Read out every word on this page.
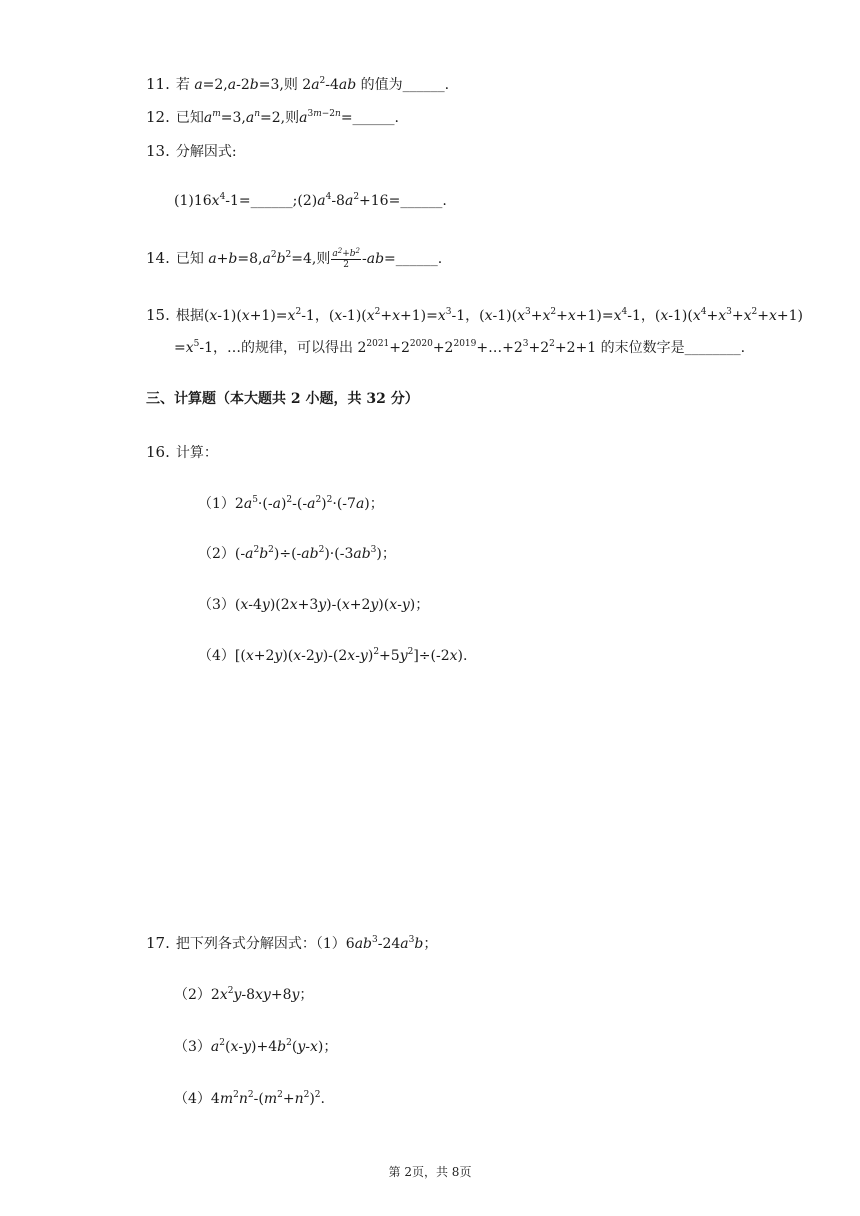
11. 若 a=2,a-2b=3,则 $2a^2-4ab$ 的值为______.
12. 已知$a^m=3,a^n=2$,则$a^{3m-2n}=\_\_\_\_\_\_$.
13. 分解因式:
$(1)16x^4-1=\_\_\_\_\_\_;(2)a^4-8a^2+16=\_\_\_\_\_\_$.
14. 已知 $a+b=8,a^2b^2=4$,则 $\frac{a^2+b^2}{2}$ -ab=______.
15. 根据$(x-1)(x+1)=x^2-1$，$(x-1)(x^2+x+1)=x^3-1$，$(x-1)(x^3+x^2+x+1)=x^4-1$，$(x-1)(x^4+x^3+x^2+x+1)$
$=x^5-1$，…的规律，可以得出 $2^{2021}+2^{2020}+2^{2019}+\dots+2^3+2^2+2+1$ 的末位数字是________.
三、计算题（本大题共 2 小题，共 32 分）
16. 计算：
$(1)2a^5\cdot(-a)^2-(-a^2)^2\cdot(-7a)$；
$(2)(-a^2b^2)\div(-ab^2)\cdot(-3ab^3)$；
（3）(x-4y)(2x+3y)-(x+2y)(x-y)；
$(4)[(x+2y)(x-2y)-(2x-y)^2+5y^2]\div(-2x)$.
17. 把下列各式分解因式：$(1)6ab^3-24a^3b$；
$(2)2x^2y-8xy+8y$；
$(3)a^2(x-y)+4b^2(y-x)$；
$(4)4m^2n^2-(m^2+n^2)^2$.
第 2页，共 8页
